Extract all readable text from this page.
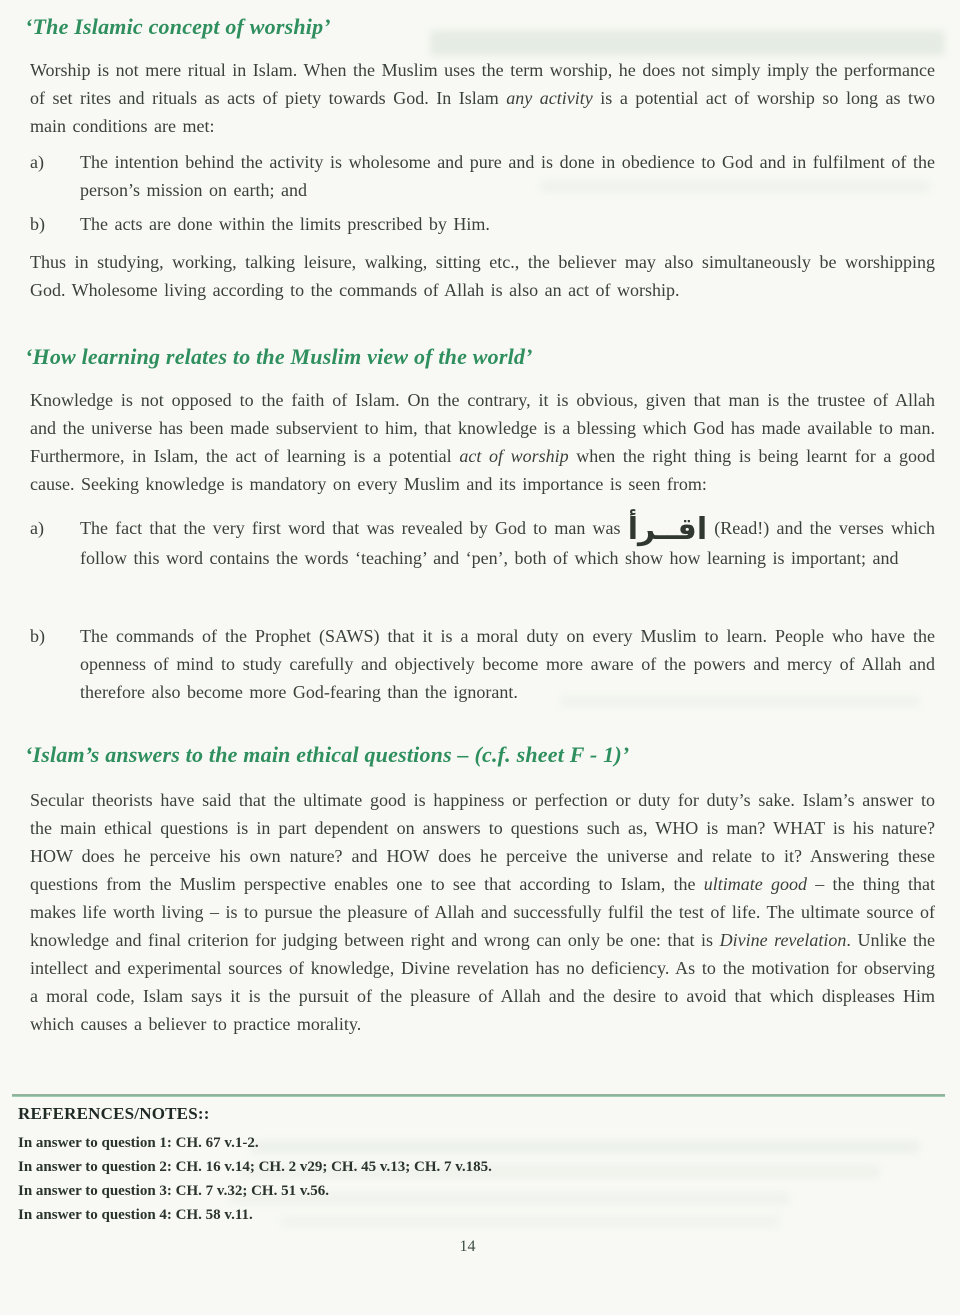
‘The Islamic concept of worship’

Worship is not mere ritual in Islam. When the Muslim uses the term worship, he does not simply imply the performance of set rites and rituals as acts of piety towards God. In Islam any activity is a potential act of worship so long as two main conditions are met:

a)	The intention behind the activity is wholesome and pure and is done in obedience to God and in fulfilment of the person’s mission on earth; and
b)	The acts are done within the limits prescribed by Him.

Thus in studying, working, talking leisure, walking, sitting etc., the believer may also simultaneously be worshipping God. Wholesome living according to the commands of Allah is also an act of worship.

‘How learning relates to the Muslim view of the world’

Knowledge is not opposed to the faith of Islam. On the contrary, it is obvious, given that man is the trustee of Allah and the universe has been made subservient to him, that knowledge is a blessing which God has made available to man. Furthermore, in Islam, the act of learning is a potential act of worship when the right thing is being learnt for a good cause. Seeking knowledge is mandatory on every Muslim and its importance is seen from:

a)	The fact that the very first word that was revealed by God to man was اقــرأ (Read!) and the verses which follow this word contains the words ‘teaching’ and ‘pen’, both of which show how learning is important; and
b)	The commands of the Prophet (SAWS) that it is a moral duty on every Muslim to learn. People who have the openness of mind to study carefully and objectively become more aware of the powers and mercy of Allah and therefore also become more God-fearing than the ignorant.
‘Islam’s answers to the main ethical questions – (c.f. sheet F - 1)’

Secular theorists have said that the ultimate good is happiness or perfection or duty for duty’s sake. Islam’s answer to the main ethical questions is in part dependent on answers to questions such as, WHO is man? WHAT is his nature? HOW does he perceive his own nature? and HOW does he perceive the universe and relate to it? Answering these questions from the Muslim perspective enables one to see that according to Islam, the ultimate good – the thing that makes life worth living – is to pursue the pleasure of Allah and successfully fulfil the test of life. The ultimate source of knowledge and final criterion for judging between right and wrong can only be one: that is Divine revelation. Unlike the intellect and experimental sources of knowledge, Divine revelation has no deficiency. As to the motivation for observing a moral code, Islam says it is the pursuit of the pleasure of Allah and the desire to avoid that which displeases Him which causes a believer to practice morality.

REFERENCES/NOTES::
In answer to question 1: CH. 67 v.1-2.
In answer to question 2: CH. 16 v.14; CH. 2 v29; CH. 45 v.13; CH. 7 v.185.
In answer to question 3: CH. 7 v.32; CH. 51 v.56.
In answer to question 4: CH. 58 v.11.
14
